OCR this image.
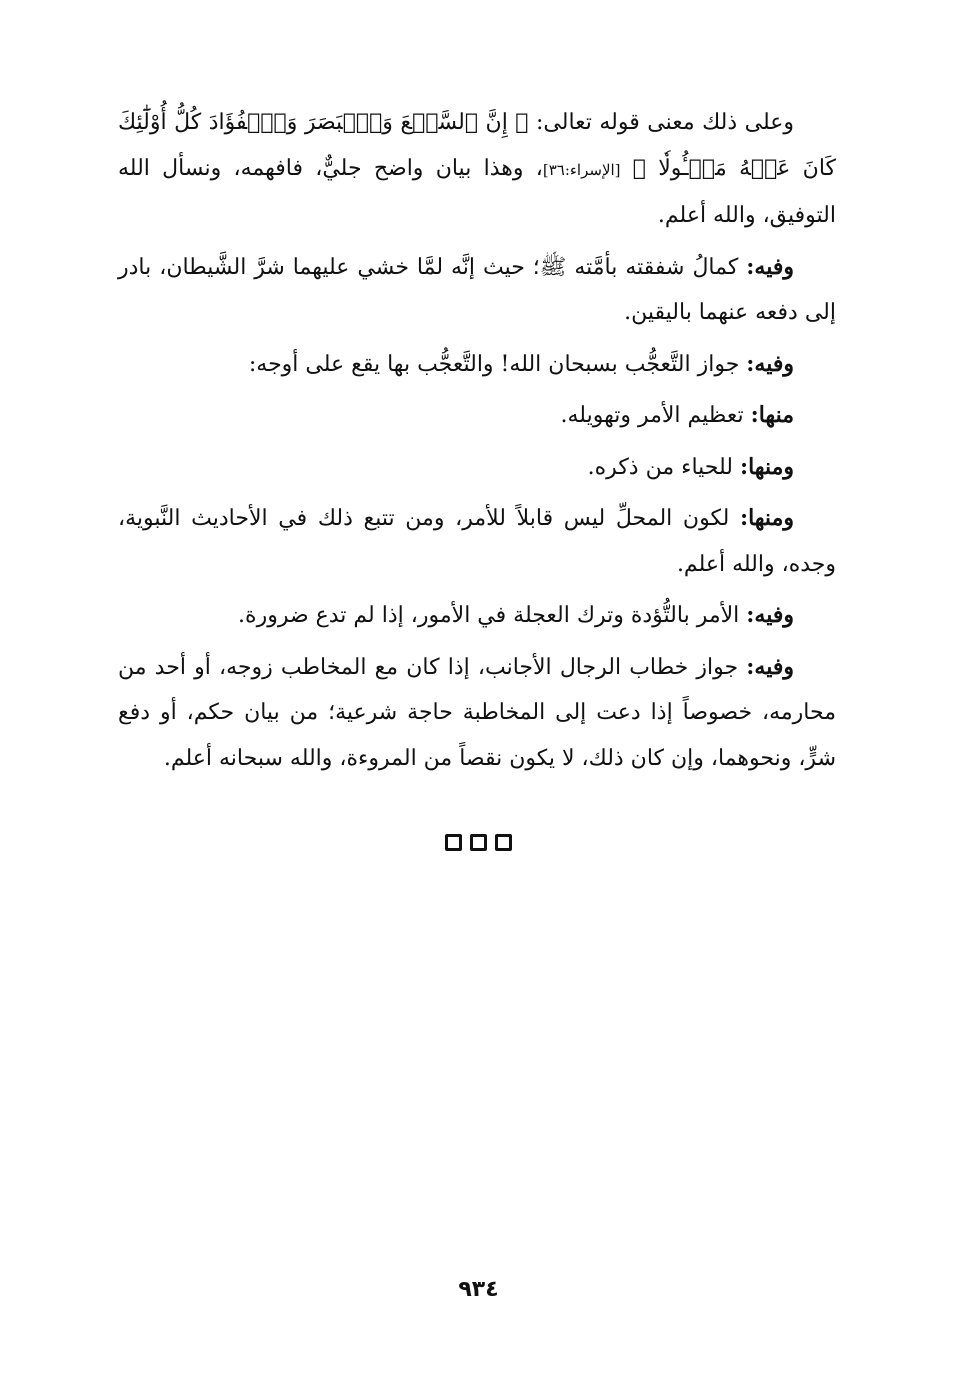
وعلى ذلك معنى قوله تعالى: ﴿ إِنَّ ٱلسَّمۡعَ وَٱلۡبَصَرَ وَٱلۡفُؤَادَ كُلُّ أُوْلَٰٓئِكَ كَانَ عَنۡهُ مَسۡـُٔولٗا ﴾ [الإسراء:٣٦]، وهذا بيان واضح جليٌّ، فافهمه، ونسأل الله التوفيق، والله أعلم.

وفيه: كمالُ شفقته بأمَّته ﷺ؛ حيث إنَّه لمَّا خشي عليهما شرَّ الشَّيطان، بادر إلى دفعه عنهما باليقين.

وفيه: جواز التَّعجُّب بسبحان الله! والتَّعجُّب بها يقع على أوجه:

منها: تعظيم الأمر وتهويله.

ومنها: للحياء من ذكره.

ومنها: لكون المحلِّ ليس قابلاً للأمر، ومن تتبع ذلك في الأحاديث النَّبوية، وجده، والله أعلم.

وفيه: الأمر بالتُّؤدة وترك العجلة في الأمور، إذا لم تدع ضرورة.

وفيه: جواز خطاب الرجال الأجانب، إذا كان مع المخاطب زوجه، أو أحد من محارمه، خصوصاً إذا دعت إلى المخاطبة حاجة شرعية؛ من بيان حكم، أو دفع شرٍّ، ونحوهما، وإن كان ذلك، لا يكون نقصاً من المروءة، والله سبحانه أعلم.

٩٣٤
